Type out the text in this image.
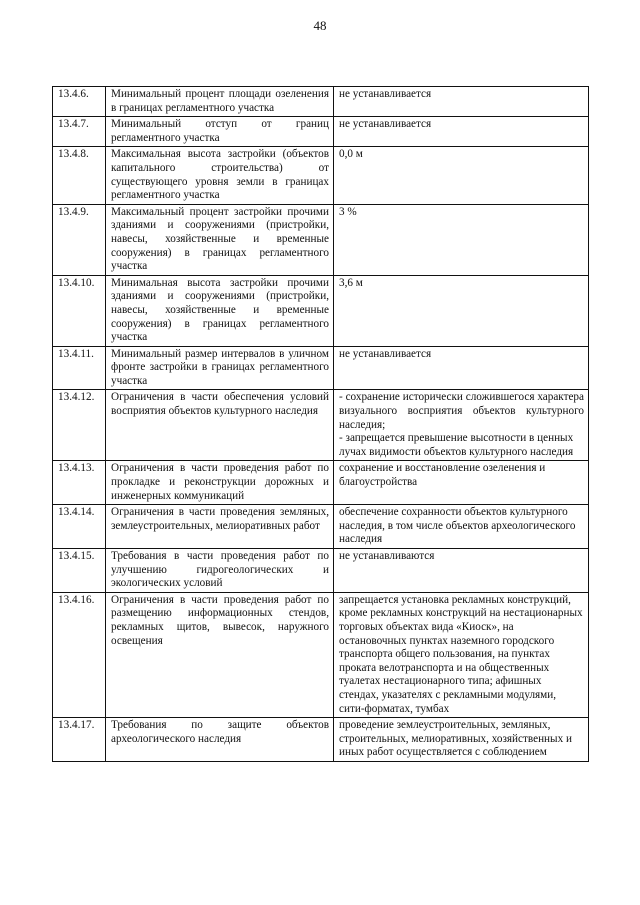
48
13.4.6.	Минимальный процент площади озеленения в границах регламентного участка	не устанавливается

13.4.7.	Минимальный отступ от границ регламентного участка	не устанавливается

13.4.8.	Максимальная высота застройки (объектов капитального строительства) от существующего уровня земли в границах регламентного участка	0,0 м

13.4.9.	Максимальный процент застройки прочими зданиями и сооружениями (пристройки, навесы, хозяйственные и временные сооружения) в границах регламентного участка	3 %

13.4.10.	Минимальная высота застройки прочими зданиями и сооружениями (пристройки, навесы, хозяйственные и временные сооружения) в границах регламентного участка	3,6 м

13.4.11.	Минимальный размер интервалов в уличном фронте застройки в границах регламентного участка	не устанавливается

13.4.12.	Ограничения в части обеспечения условий восприятия объектов культурного наследия	- сохранение исторически сложившегося характера визуального восприятия объектов культурного наследия;
- запрещается превышение высотности в ценных лучах видимости объектов культурного наследия

13.4.13.	Ограничения в части проведения работ по прокладке и реконструкции дорожных и инженерных коммуникаций	сохранение и восстановление озеленения и благоустройства

13.4.14.	Ограничения в части проведения земляных, землеустроительных, мелиоративных работ	обеспечение сохранности объектов культурного наследия, в том числе объектов археологического наследия

13.4.15.	Требования в части проведения работ по улучшению гидрогеологических и экологических условий	не устанавливаются

13.4.16.	Ограничения в части проведения работ по размещению информационных стендов, рекламных щитов, вывесок, наружного освещения	запрещается установка рекламных конструкций, кроме рекламных конструкций на нестационарных торговых объектах вида «Киоск», на остановочных пунктах наземного городского транспорта общего пользования, на пунктах проката велотранспорта и на общественных туалетах нестационарного типа; афишных стендах, указателях с рекламными модулями, сити-форматах, тумбах

13.4.17.	Требования по защите объектов археологического наследия	проведение землеустроительных, земляных, строительных, мелиоративных, хозяйственных и иных работ осуществляется с соблюдением
